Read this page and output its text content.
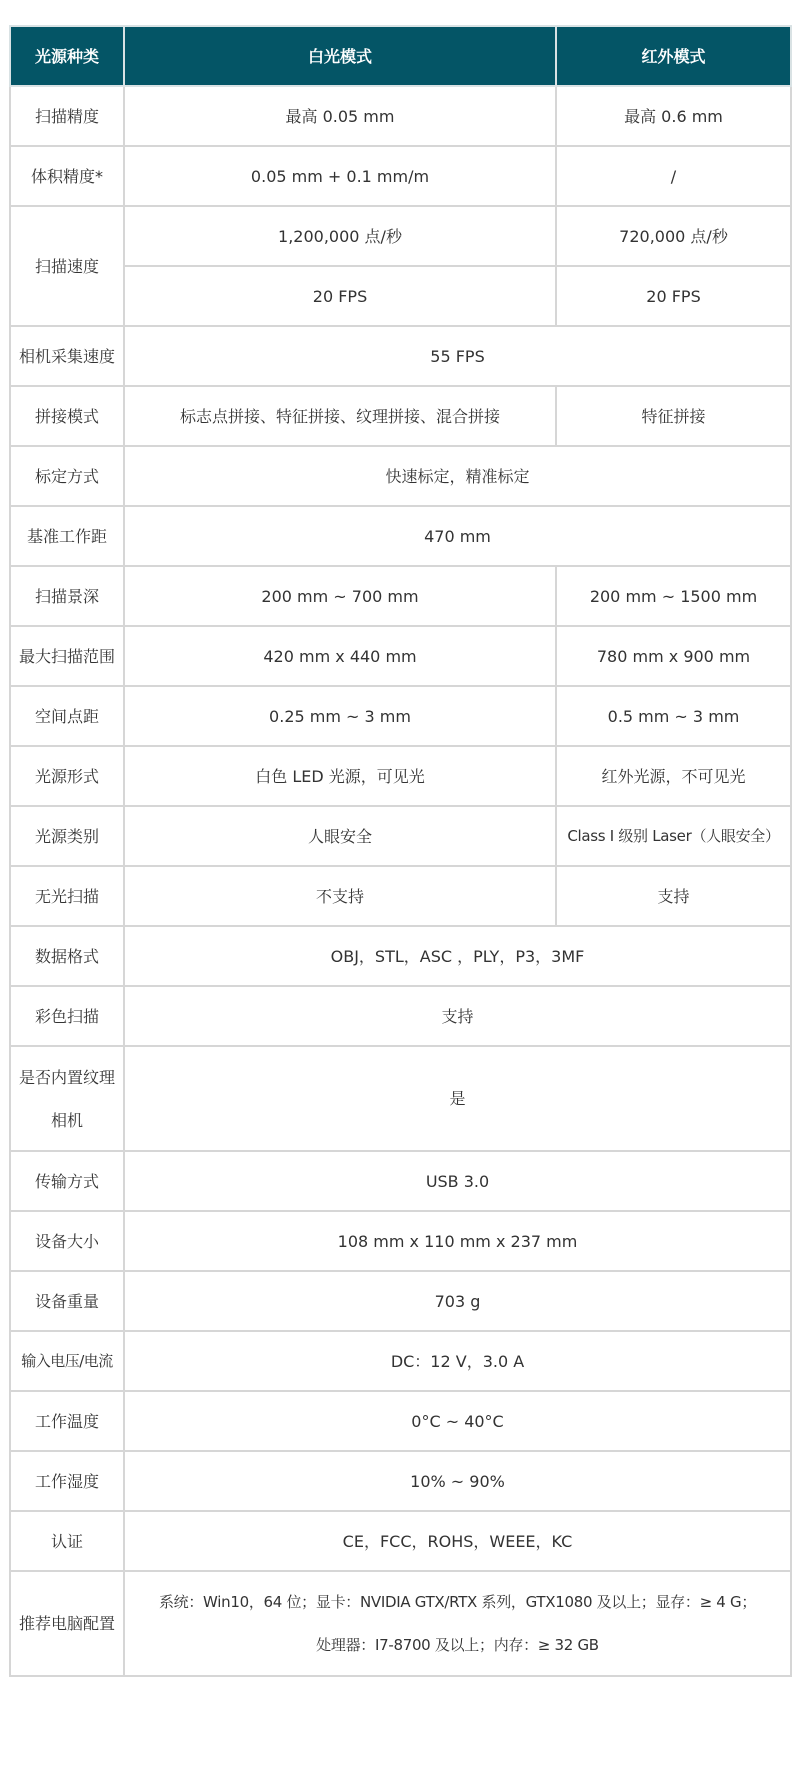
光源种类	白光模式	红外模式
扫描精度	最高 0.05 mm	最高 0.6 mm
体积精度*	0.05 mm + 0.1 mm/m	/
扫描速度	1,200,000 点/秒	720,000 点/秒
	20 FPS	20 FPS
相机采集速度	55 FPS	
拼接模式	标志点拼接、特征拼接、纹理拼接、混合拼接	特征拼接
标定方式	快速标定，精准标定	
基准工作距	470 mm	
扫描景深	200 mm ~ 700 mm	200 mm ~ 1500 mm
最大扫描范围	420 mm x 440 mm	780 mm x 900 mm
空间点距	0.25 mm ~ 3 mm	0.5 mm ~ 3 mm
光源形式	白色 LED 光源，可见光	红外光源，不可见光
光源类别	人眼安全	Class I 级别 Laser（人眼安全）
无光扫描	不支持	支持
数据格式	OBJ，STL，ASC ，PLY，P3，3MF	
彩色扫描	支持	
是否内置纹理相机	是	
传输方式	USB 3.0	
设备大小	108 mm x 110 mm x 237 mm	
设备重量	703 g	
输入电压/电流	DC：12 V，3.0 A	
工作温度	0°C ~ 40°C	
工作湿度	10% ~ 90%	
认证	CE，FCC，ROHS，WEEE，KC	
推荐电脑配置	系统：Win10，64 位；显卡：NVIDIA GTX/RTX 系列，GTX1080 及以上；显存：≥ 4 G；
处理器：I7-8700 及以上；内存：≥ 32 GB	
